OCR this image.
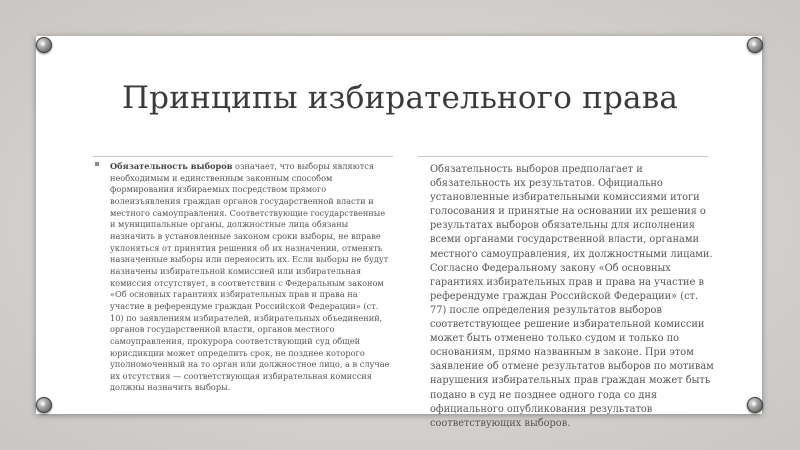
Принципы избирательного права
Обязательность выборов означает, что выборы являются необходимым и единственным законным способом формирования избираемых посредством прямого волеизъявления граждан органов государственной власти и местного самоуправления. Соответствующие государственные и муниципальные органы, должностные лица обязаны назначить в установленные законом сроки выборы, не вправе уклоняться от принятия решения об их назначении, отменять назначенные выборы или переносить их. Если выборы не будут назначены избирательной комиссией или избирательная комиссия отсутствует, в соответствии с Федеральным законом «Об основных гарантиях избирательных прав и права на участие в референдуме граждан Российской Федерации» (ст. 10) по заявлениям избирателей, избирательных объединений, органов государственной власти, органов местного самоуправления, прокурора соответствующий суд общей юрисдикции может определить срок, не позднее которого уполномоченный на то орган или должностное лицо, а в случае их отсутствия — соответствующая избирательная комиссия должны назначить выборы.
Обязательность выборов предполагает и обязательность их результатов. Официально установленные избирательными комиссиями итоги голосования и принятые на основании их решения о результатах выборов обязательны для исполнения всеми органами государственной власти, органами местного самоуправления, их должностными лицами. Согласно Федеральному закону «Об основных гарантиях избирательных прав и права на участие в референдуме граждан Российской Федерации» (ст. 77) после определения результатов выборов соответствующее решение избирательной комиссии может быть отменено только судом и только по основаниям, прямо названным в законе. При этом заявление об отмене результатов выборов по мотивам нарушения избирательных прав граждан может быть подано в суд не позднее одного года со дня официального опубликования результатов соответствующих выборов.
